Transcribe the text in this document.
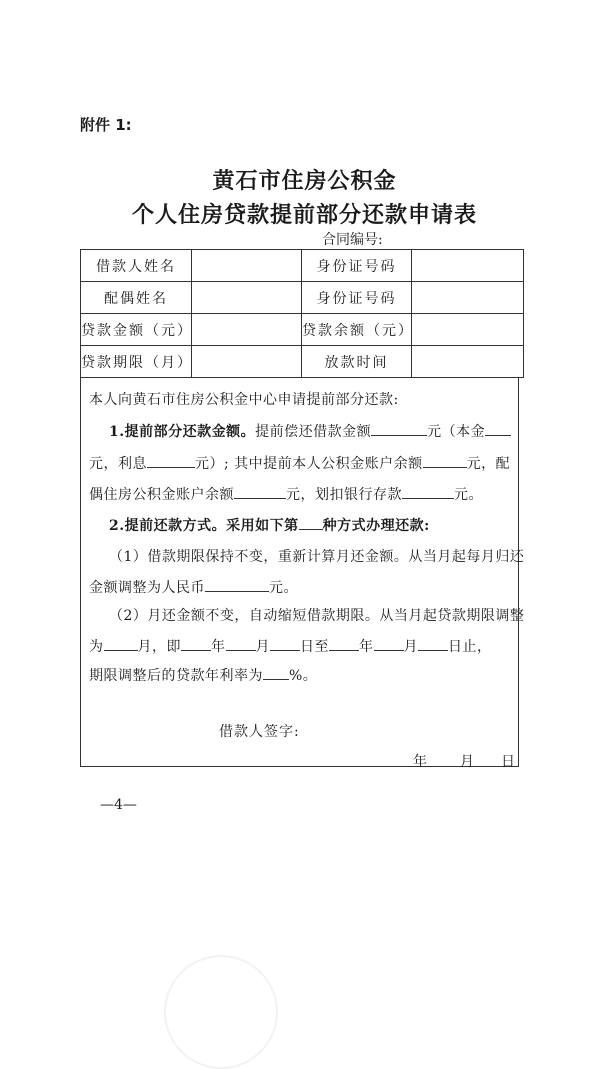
附件 1:
黄石市住房公积金
个人住房贷款提前部分还款申请表
合同编号:
借款人姓名		身份证号码	
配偶姓名		身份证号码	
贷款金额（元）		贷款余额（元）	
贷款期限（月）		放款时间	
本人向黄石市住房公积金中心申请提前部分还款:
1.提前部分还款金额。提前偿还借款金额	元（本金
元，利息	元）; 其中提前本人公积金账户余额	元，配
偶住房公积金账户余额	元，划扣银行存款	元。
2.提前还款方式。采用如下第 种方式办理还款:
（1）借款期限保持不变，重新计算月还金额。从当月起每月归还
金额调整为人民币	元。
（2）月还金额不变，自动缩短借款期限。从当月起贷款期限调整
为 月，即 年 月 日至 年 月 日止，
期限调整后的贷款年利率为 %。
借款人签字:
年 月 日
—4—
